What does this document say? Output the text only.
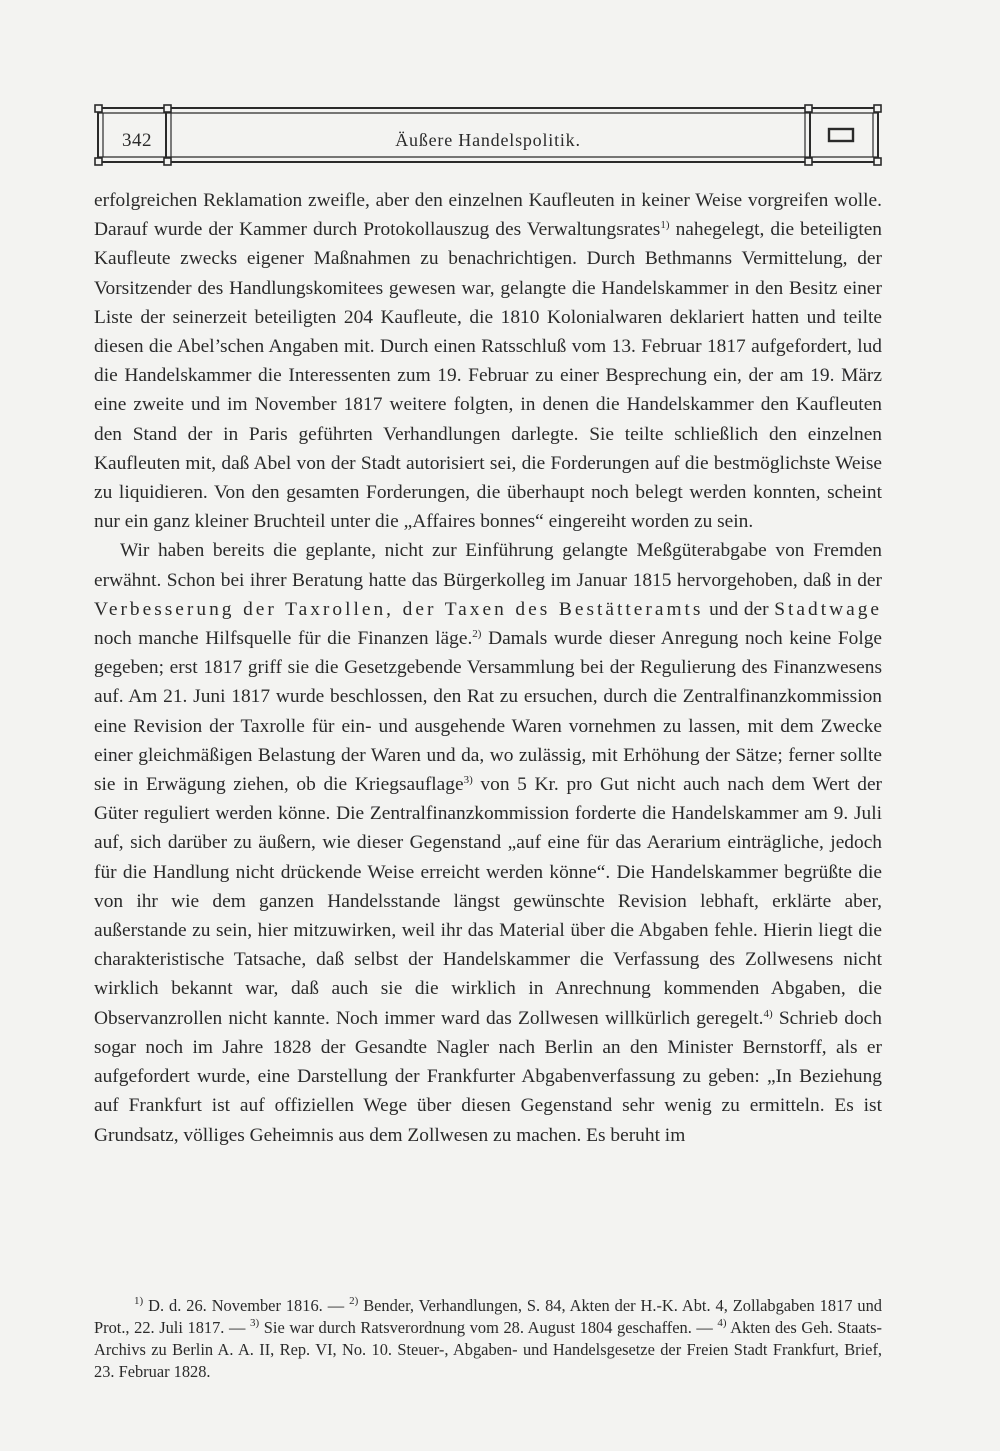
342	Äußere Handelspolitik.

erfolgreichen Reklamation zweifle, aber den einzelnen Kaufleuten in keiner Weise vorgreifen wolle. Darauf wurde der Kammer durch Protokollauszug des Verwaltungsrates$^{1)}$ nahegelegt, die beteiligten Kaufleute zwecks eigener Maßnahmen zu benachrichtigen. Durch Bethmanns Vermittelung, der Vorsitzender des Handlungskomitees gewesen war, gelangte die Handelskammer in den Besitz einer Liste der seinerzeit beteiligten 204 Kaufleute, die 1810 Kolonialwaren deklariert hatten und teilte diesen die Abel’schen Angaben mit. Durch einen Ratsschluß vom 13. Februar 1817 aufgefordert, lud die Handelskammer die Interessenten zum 19. Februar zu einer Besprechung ein, der am 19. März eine zweite und im November 1817 weitere folgten, in denen die Handelskammer den Kaufleuten den Stand der in Paris geführten Verhandlungen darlegte. Sie teilte schließlich den einzelnen Kaufleuten mit, daß Abel von der Stadt autorisiert sei, die Forderungen auf die bestmöglichste Weise zu liquidieren. Von den gesamten Forderungen, die überhaupt noch belegt werden konnten, scheint nur ein ganz kleiner Bruchteil unter die „Affaires bonnes“ eingereiht worden zu sein.

Wir haben bereits die geplante, nicht zur Einführung gelangte Meßgüterabgabe von Fremden erwähnt. Schon bei ihrer Beratung hatte das Bürgerkolleg im Januar 1815 hervorgehoben, daß in der Verbesserung der Taxrollen, der Taxen des Bestätteramts und der Stadtwage noch manche Hilfsquelle für die Finanzen läge.$^{2)}$ Damals wurde dieser Anregung noch keine Folge gegeben; erst 1817 griff sie die Gesetzgebende Versammlung bei der Regulierung des Finanzwesens auf. Am 21. Juni 1817 wurde beschlossen, den Rat zu ersuchen, durch die Zentralfinanzkommission eine Revision der Taxrolle für ein- und ausgehende Waren vornehmen zu lassen, mit dem Zwecke einer gleichmäßigen Belastung der Waren und da, wo zulässig, mit Erhöhung der Sätze; ferner sollte sie in Erwägung ziehen, ob die Kriegsauflage$^{3)}$ von 5 Kr. pro Gut nicht auch nach dem Wert der Güter reguliert werden könne. Die Zentralfinanzkommission forderte die Handelskammer am 9. Juli auf, sich darüber zu äußern, wie dieser Gegenstand „auf eine für das Aerarium einträgliche, jedoch für die Handlung nicht drückende Weise erreicht werden könne“. Die Handelskammer begrüßte die von ihr wie dem ganzen Handelsstande längst gewünschte Revision lebhaft, erklärte aber, außerstande zu sein, hier mitzuwirken, weil ihr das Material über die Abgaben fehle. Hierin liegt die charakteristische Tatsache, daß selbst der Handelskammer die Verfassung des Zollwesens nicht wirklich bekannt war, daß auch sie die wirklich in Anrechnung kommenden Abgaben, die Observanzrollen nicht kannte. Noch immer ward das Zollwesen willkürlich geregelt.$^{4)}$ Schrieb doch sogar noch im Jahre 1828 der Gesandte Nagler nach Berlin an den Minister Bernstorff, als er aufgefordert wurde, eine Darstellung der Frankfurter Abgabenverfassung zu geben: „In Beziehung auf Frankfurt ist auf offiziellen Wege über diesen Gegenstand sehr wenig zu ermitteln. Es ist Grundsatz, völliges Geheimnis aus dem Zollwesen zu machen. Es beruht im

$^{1)}$ D. d. 26. November 1816. — $^{2)}$ Bender, Verhandlungen, S. 84, Akten der H.-K. Abt. 4, Zollabgaben 1817 und Prot., 22. Juli 1817. — $^{3)}$ Sie war durch Ratsverordnung vom 28. August 1804 geschaffen. — $^{4)}$ Akten des Geh. Staats-Archivs zu Berlin A. A. II, Rep. VI, No. 10. Steuer-, Abgaben- und Handelsgesetze der Freien Stadt Frankfurt, Brief, 23. Februar 1828.
